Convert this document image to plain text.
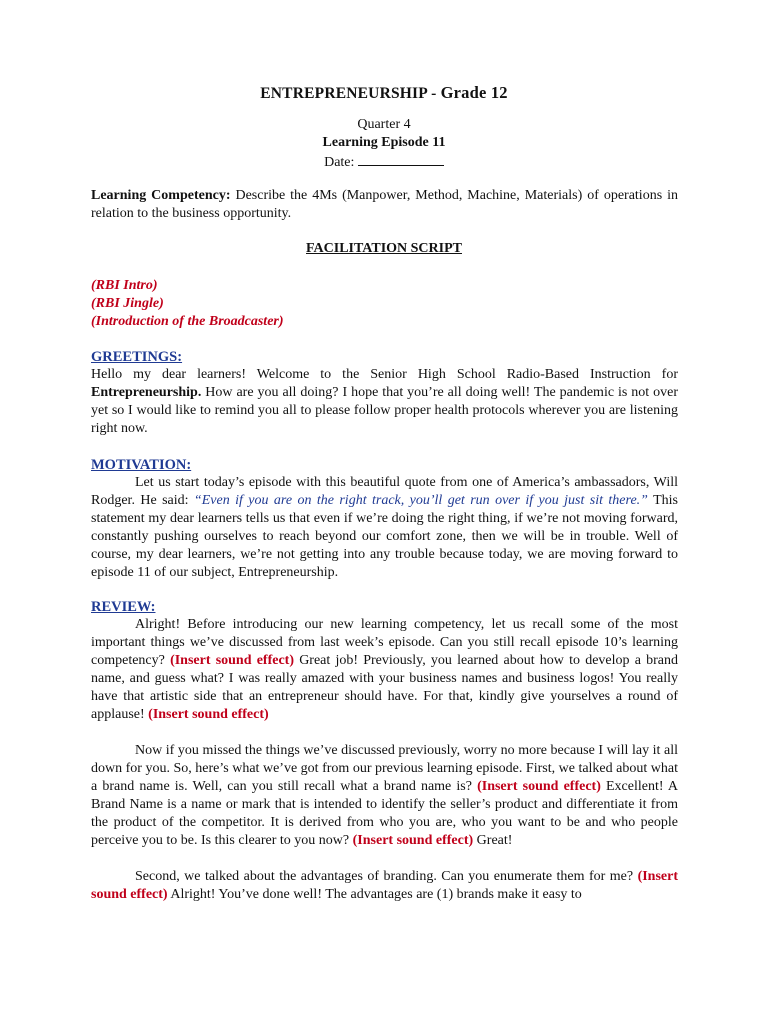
ENTREPRENEURSHIP - Grade 12
Quarter 4
Learning Episode 11
Date:

Learning Competency: Describe the 4Ms (Manpower, Method, Machine, Materials) of operations in relation to the business opportunity.

FACILITATION SCRIPT

(RBI Intro)

(RBI Jingle)

(Introduction of the Broadcaster)

GREETINGS:

Hello my dear learners! Welcome to the Senior High School Radio-Based Instruction for Entrepreneurship. How are you all doing? I hope that you’re all doing well! The pandemic is not over yet so I would like to remind you all to please follow proper health protocols wherever you are listening right now.

MOTIVATION:

Let us start today’s episode with this beautiful quote from one of America’s ambassadors, Will Rodger. He said: “Even if you are on the right track, you’ll get run over if you just sit there.” This statement my dear learners tells us that even if we’re doing the right thing, if we’re not moving forward, constantly pushing ourselves to reach beyond our comfort zone, then we will be in trouble. Well of course, my dear learners, we’re not getting into any trouble because today, we are moving forward to episode 11 of our subject, Entrepreneurship.

REVIEW:

Alright! Before introducing our new learning competency, let us recall some of the most important things we’ve discussed from last week’s episode. Can you still recall episode 10’s learning competency? (Insert sound effect) Great job! Previously, you learned about how to develop a brand name, and guess what? I was really amazed with your business names and business logos! You really have that artistic side that an entrepreneur should have. For that, kindly give yourselves a round of applause! (Insert sound effect)

Now if you missed the things we’ve discussed previously, worry no more because I will lay it all down for you. So, here’s what we’ve got from our previous learning episode. First, we talked about what a brand name is. Well, can you still recall what a brand name is? (Insert sound effect) Excellent! A Brand Name is a name or mark that is intended to identify the seller’s product and differentiate it from the product of the competitor. It is derived from who you are, who you want to be and who people perceive you to be. Is this clearer to you now? (Insert sound effect) Great!

Second, we talked about the advantages of branding. Can you enumerate them for me? (Insert sound effect) Alright! You’ve done well! The advantages are (1) brands make it easy to
